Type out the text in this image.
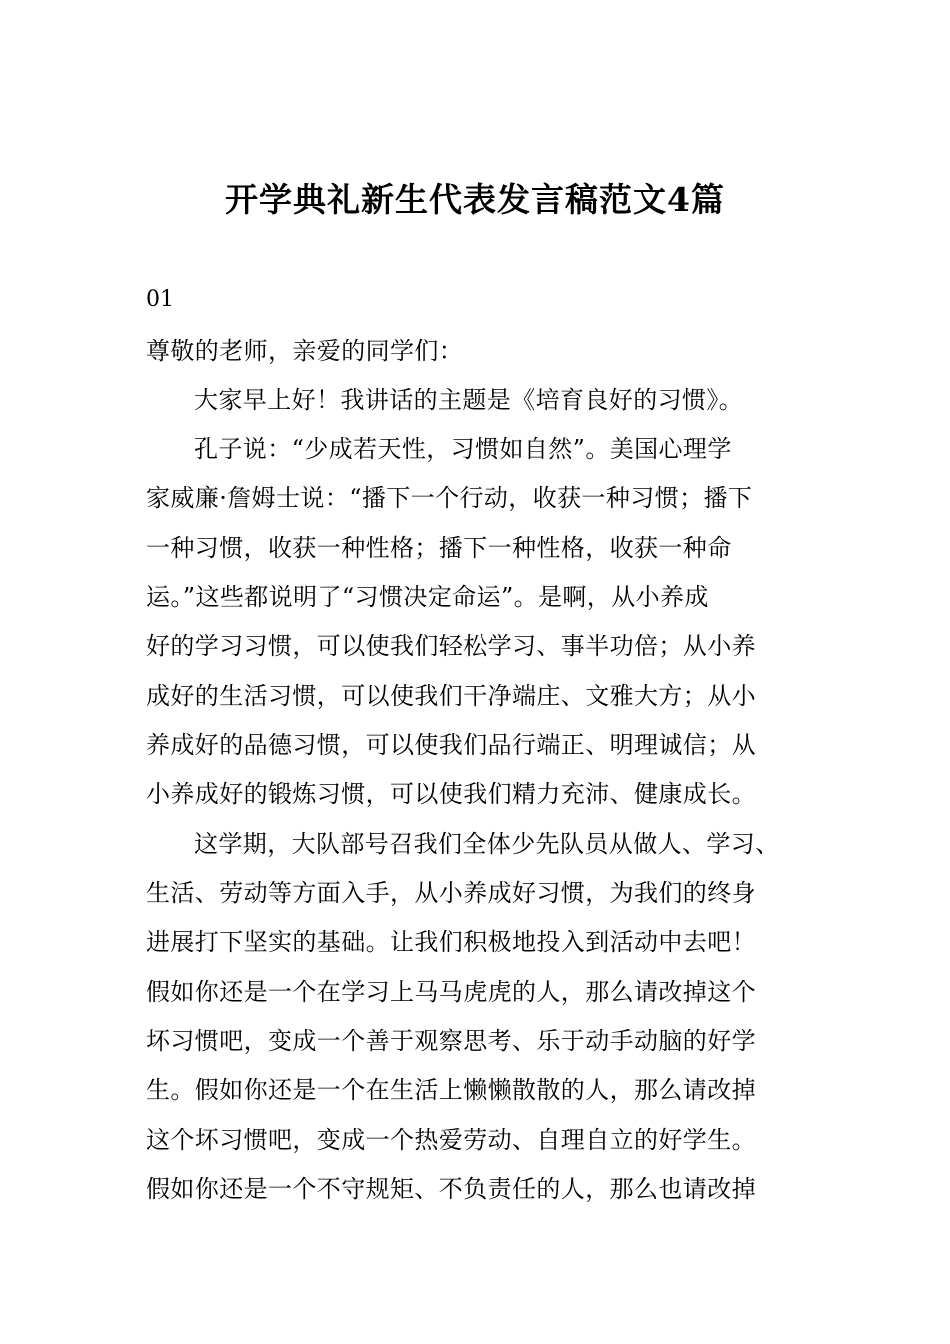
开学典礼新生代表发言稿范文4篇
01
尊敬的老师，亲爱的同学们：
大家早上好！我讲话的主题是《培育良好的习惯》。
孔子说：“少成若天性，习惯如自然”。美国心理学
家威廉·詹姆士说：“播下一个行动，收获一种习惯；播下
一种习惯，收获一种性格；播下一种性格，收获一种命
运。”这些都说明了“习惯决定命运”。是啊，从小养成
好的学习习惯，可以使我们轻松学习、事半功倍；从小养
成好的生活习惯，可以使我们干净端庄、文雅大方；从小
养成好的品德习惯，可以使我们品行端正、明理诚信；从
小养成好的锻炼习惯，可以使我们精力充沛、健康成长。
这学期，大队部号召我们全体少先队员从做人、学习、
生活、劳动等方面入手，从小养成好习惯，为我们的终身
进展打下坚实的基础。让我们积极地投入到活动中去吧！
假如你还是一个在学习上马马虎虎的人，那么请改掉这个
坏习惯吧，变成一个善于观察思考、乐于动手动脑的好学
生。假如你还是一个在生活上懒懒散散的人，那么请改掉
这个坏习惯吧，变成一个热爱劳动、自理自立的好学生。
假如你还是一个不守规矩、不负责任的人，那么也请改掉
